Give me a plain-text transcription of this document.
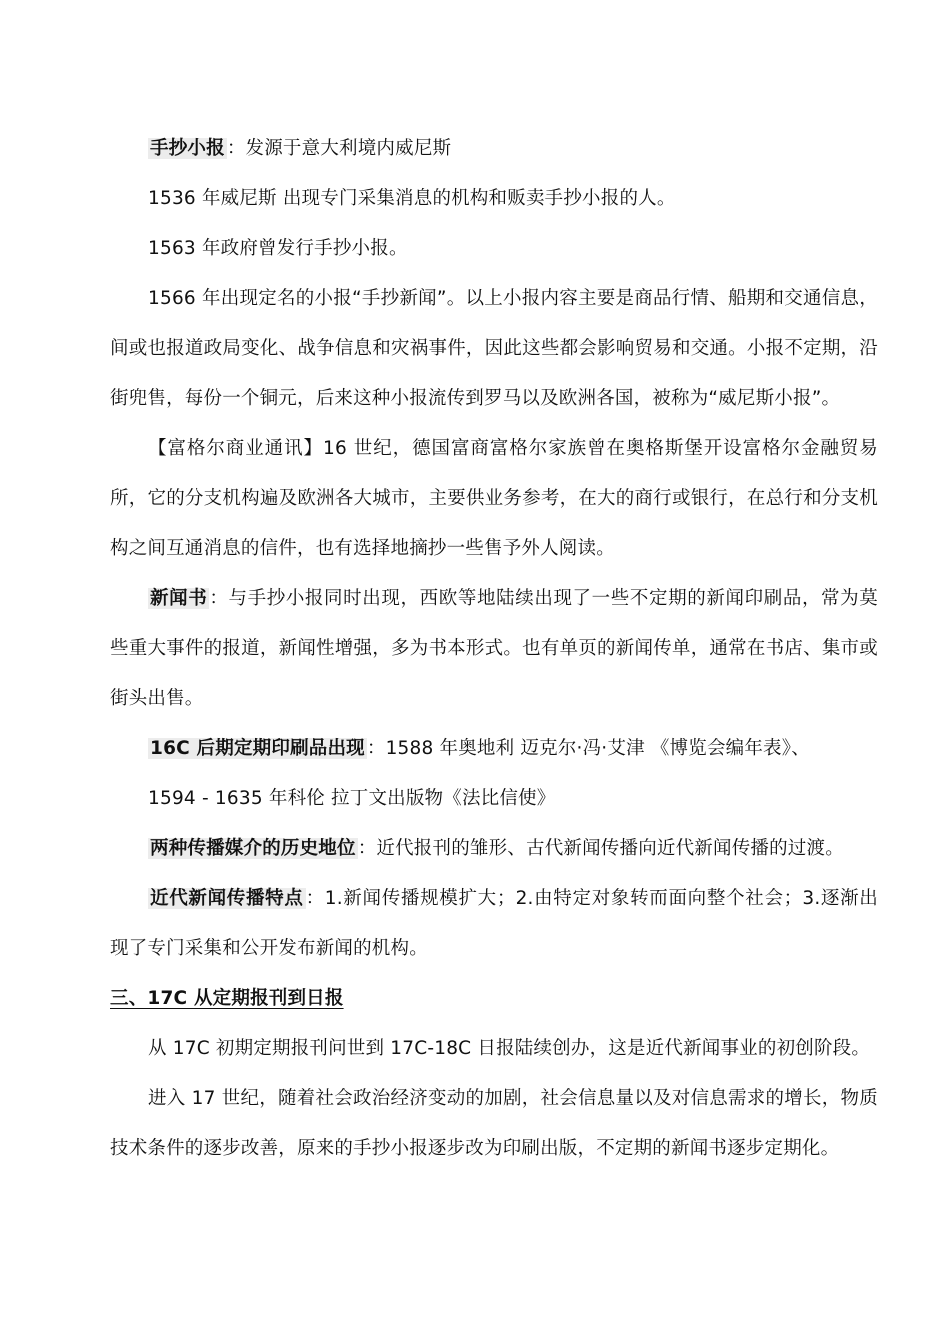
手抄小报 ：发源于意大利境内威尼斯

1536 年威尼斯 出现专门采集消息的机构和贩卖手抄小报的人。

1563 年政府曾发行手抄小报。

1566 年出现定名的小报“手抄新闻”。以上小报内容主要是商品行情、船期和交通信息，间或也报道政局变化、战争信息和灾祸事件，因此这些都会影响贸易和交通。小报不定期，沿街兜售，每份一个铜元，后来这种小报流传到罗马以及欧洲各国，被称为“威尼斯小报”。

【富格尔商业通讯】16 世纪，德国富商富格尔家族曾在奥格斯堡开设富格尔金融贸易所，它的分支机构遍及欧洲各大城市，主要供业务参考，在大的商行或银行，在总行和分支机构之间互通消息的信件，也有选择地摘抄一些售予外人阅读。

新闻书 ：与手抄小报同时出现，西欧等地陆续出现了一些不定期的新闻印刷品，常为莫些重大事件的报道，新闻性增强，多为书本形式。也有单页的新闻传单，通常在书店、集市或街头出售。

16C 后期定期印刷品出现 ：1588 年奥地利 迈克尔·冯·艾津 《博览会编年表》、

1594 - 1635 年科伦 拉丁文出版物《法比信使》

两种传播媒介的历史地位 ：近代报刊的雏形、古代新闻传播向近代新闻传播的过渡。

近代新闻传播特点 ：1.新闻传播规模扩大；2.由特定对象转而面向整个社会；3.逐渐出现了专门采集和公开发布新闻的机构。

三、17C 从定期报刊到日报

从 17C 初期定期报刊问世到 17C-18C 日报陆续创办，这是近代新闻事业的初创阶段。

进入 17 世纪，随着社会政治经济变动的加剧，社会信息量以及对信息需求的增长，物质技术条件的逐步改善，原来的手抄小报逐步改为印刷出版，不定期的新闻书逐步定期化。
